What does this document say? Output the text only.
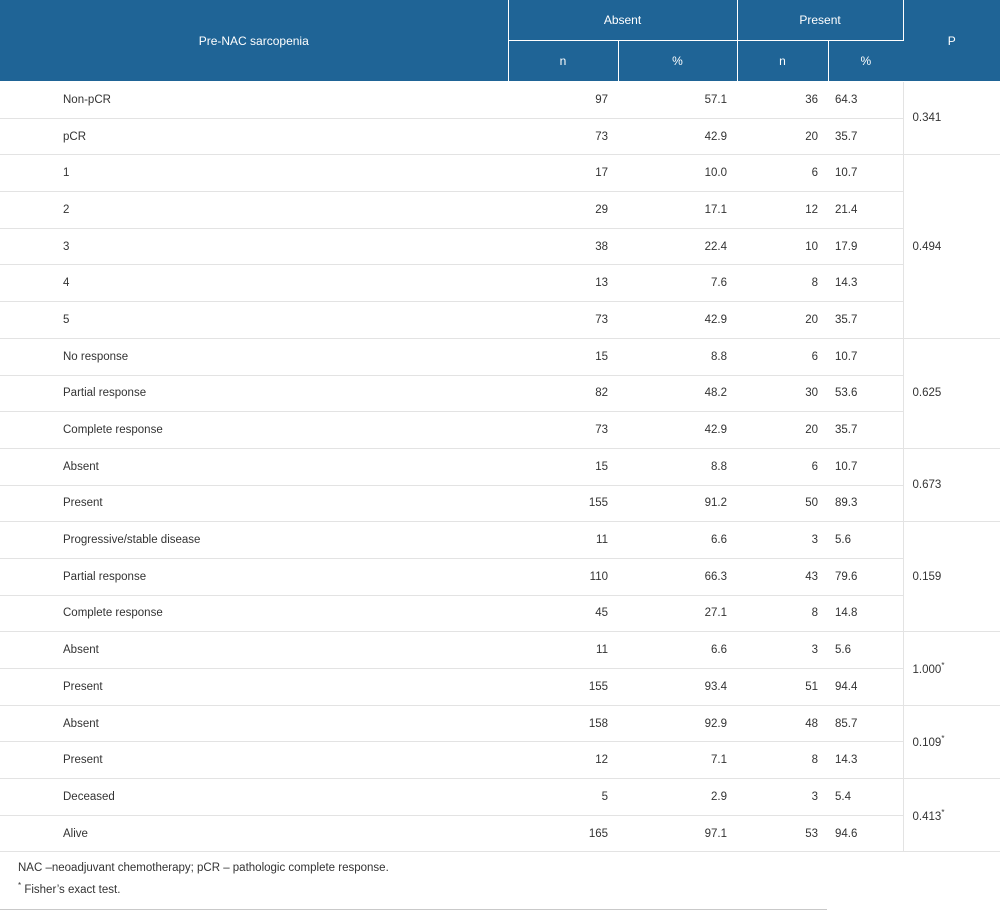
Pre-NAC sarcopenia	Absent		Present		P
	n	%	n	%	
Non-pCR	97	57.1	36	64.3	0.341
pCR	73	42.9	20	35.7	
1	17	10.0	6	10.7	0.494
2	29	17.1	12	21.4	
3	38	22.4	10	17.9	
4	13	7.6	8	14.3	
5	73	42.9	20	35.7	
No response	15	8.8	6	10.7	0.625
Partial response	82	48.2	30	53.6	
Complete response	73	42.9	20	35.7	
Absent	15	8.8	6	10.7	0.673
Present	155	91.2	50	89.3	
Progressive/stable disease	11	6.6	3	5.6	0.159
Partial response	110	66.3	43	79.6	
Complete response	45	27.1	8	14.8	
Absent	11	6.6	3	5.6	1.000*
Present	155	93.4	51	94.4	
Absent	158	92.9	48	85.7	0.109*
Present	12	7.1	8	14.3	
Deceased	5	2.9	3	5.4	0.413*
Alive	165	97.1	53	94.6	

NAC –neoadjuvant chemotherapy; pCR – pathologic complete response.

* Fisher’s exact test.
